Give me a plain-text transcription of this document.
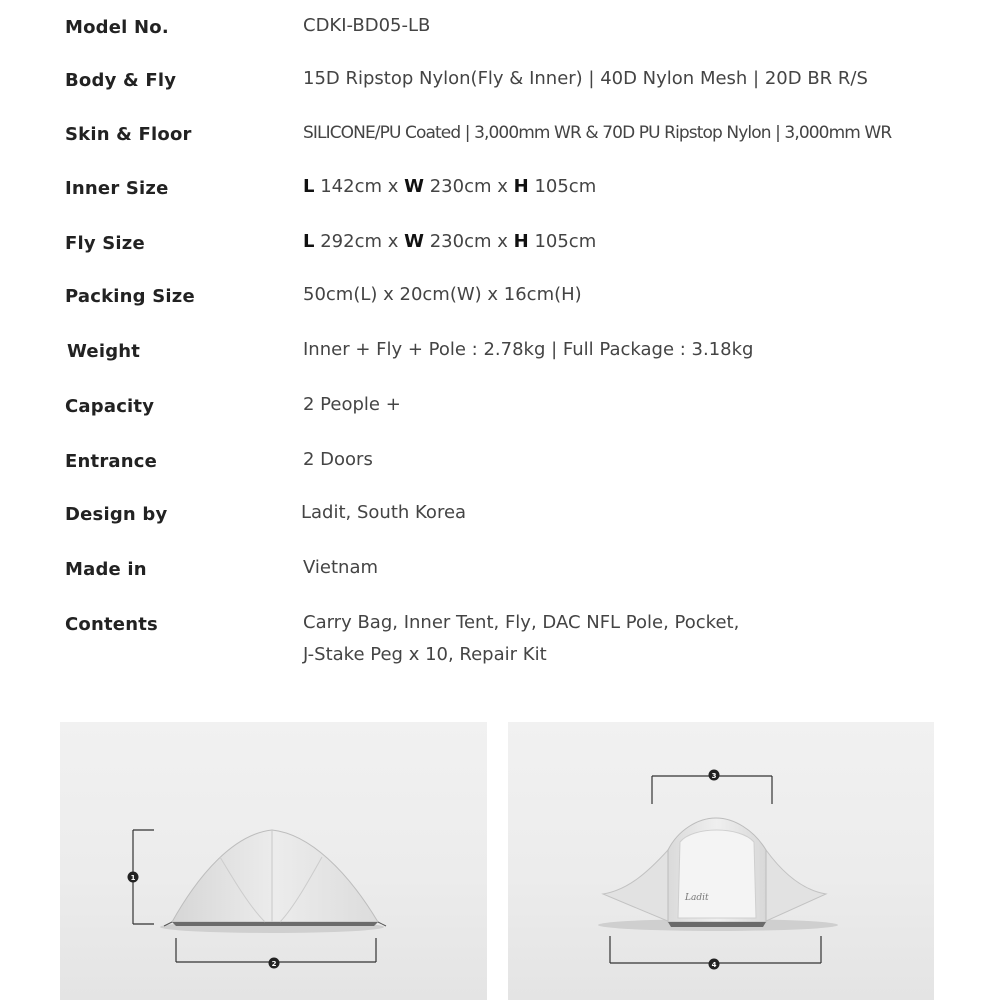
Model No.	CDKI-BD05-LB
Body & Fly	15D Ripstop Nylon(Fly & Inner) | 40D Nylon Mesh | 20D BR R/S
Skin & Floor	SILICONE/PU Coated | 3,000mm WR & 70D PU Ripstop Nylon | 3,000mm WR
Inner Size	L 142cm x W 230cm x H 105cm
Fly Size	L 292cm x W 230cm x H 105cm
Packing Size	50cm(L) x 20cm(W) x 16cm(H)
Weight	Inner + Fly + Pole : 2.78kg | Full Package : 3.18kg
Capacity	2 People +
Entrance	2 Doors
Design by	Ladit, South Korea
Made in	Vietnam
Contents	Carry Bag, Inner Tent, Fly, DAC NFL Pole, Pocket,
J-Stake Peg x 10, Repair Kit
1
2
3
Ladit
4
